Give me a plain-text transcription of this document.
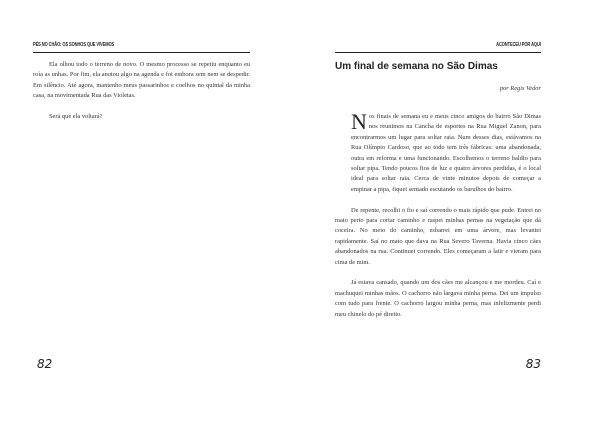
PÉS NO CHÃO: OS SONHOS QUE VIVEMOS

Ela olhou todo o terreno de novo. O mesmo processo se repetiu enquanto eu roía as unhas. Por fim, ela anotou algo na agenda e foi embora sem nem se despedir. Em silêncio. Até agora, mantenho meus passarinhos e coelhos no quintal da minha casa, na movimentada Rua das Violetas.

Será que ela voltará?

82
ACONTECEU POR AQUI
Um final de semana no São Dimas
por Regis Vedor

Nos finais de semana eu e meus cinco amigos do bairro São Dimas nos reunimos na Cancha de esportes na Rua Miguel Zanon, para encontrarmos um lugar para soltar raia. Num desses dias, estávamos na Rua Olímpio Cardoso, que ao todo tem três fábricas: uma abandonada, outra em reforma e uma funcionando. Escolhemos o terreno baldio para soltar pipa. Tendo poucos fios de luz e quatro árvores perdidas, é o local ideal para soltar raia. Cerca de vinte minutos depois de começar a empinar a pipa, fiquei sentado escutando os barulhos do bairro.

De repente, recolhi o fio e saí correndo o mais rápido que pude. Entrei no mato perto para cortar caminho e raspei minhas pernas na vegetação que dá coceira. No meio do caminho, esbarrei em uma árvore, mas levantei rapidamente. Saí no mato que dava na Rua Severo Taverna. Havia cinco cães abandonados na rua. Continuei correndo. Eles começaram a latir e vieram para cima de mim.

Já estava cansado, quando um dos cães me alcançou e me mordeu. Caí e machuquei minhas mãos. O cachorro não largava minha perna. Dei um impulso com tudo para frente. O cachorro largou minha perna, mas infelizmente perdi meu chinelo do pé direito.

83
